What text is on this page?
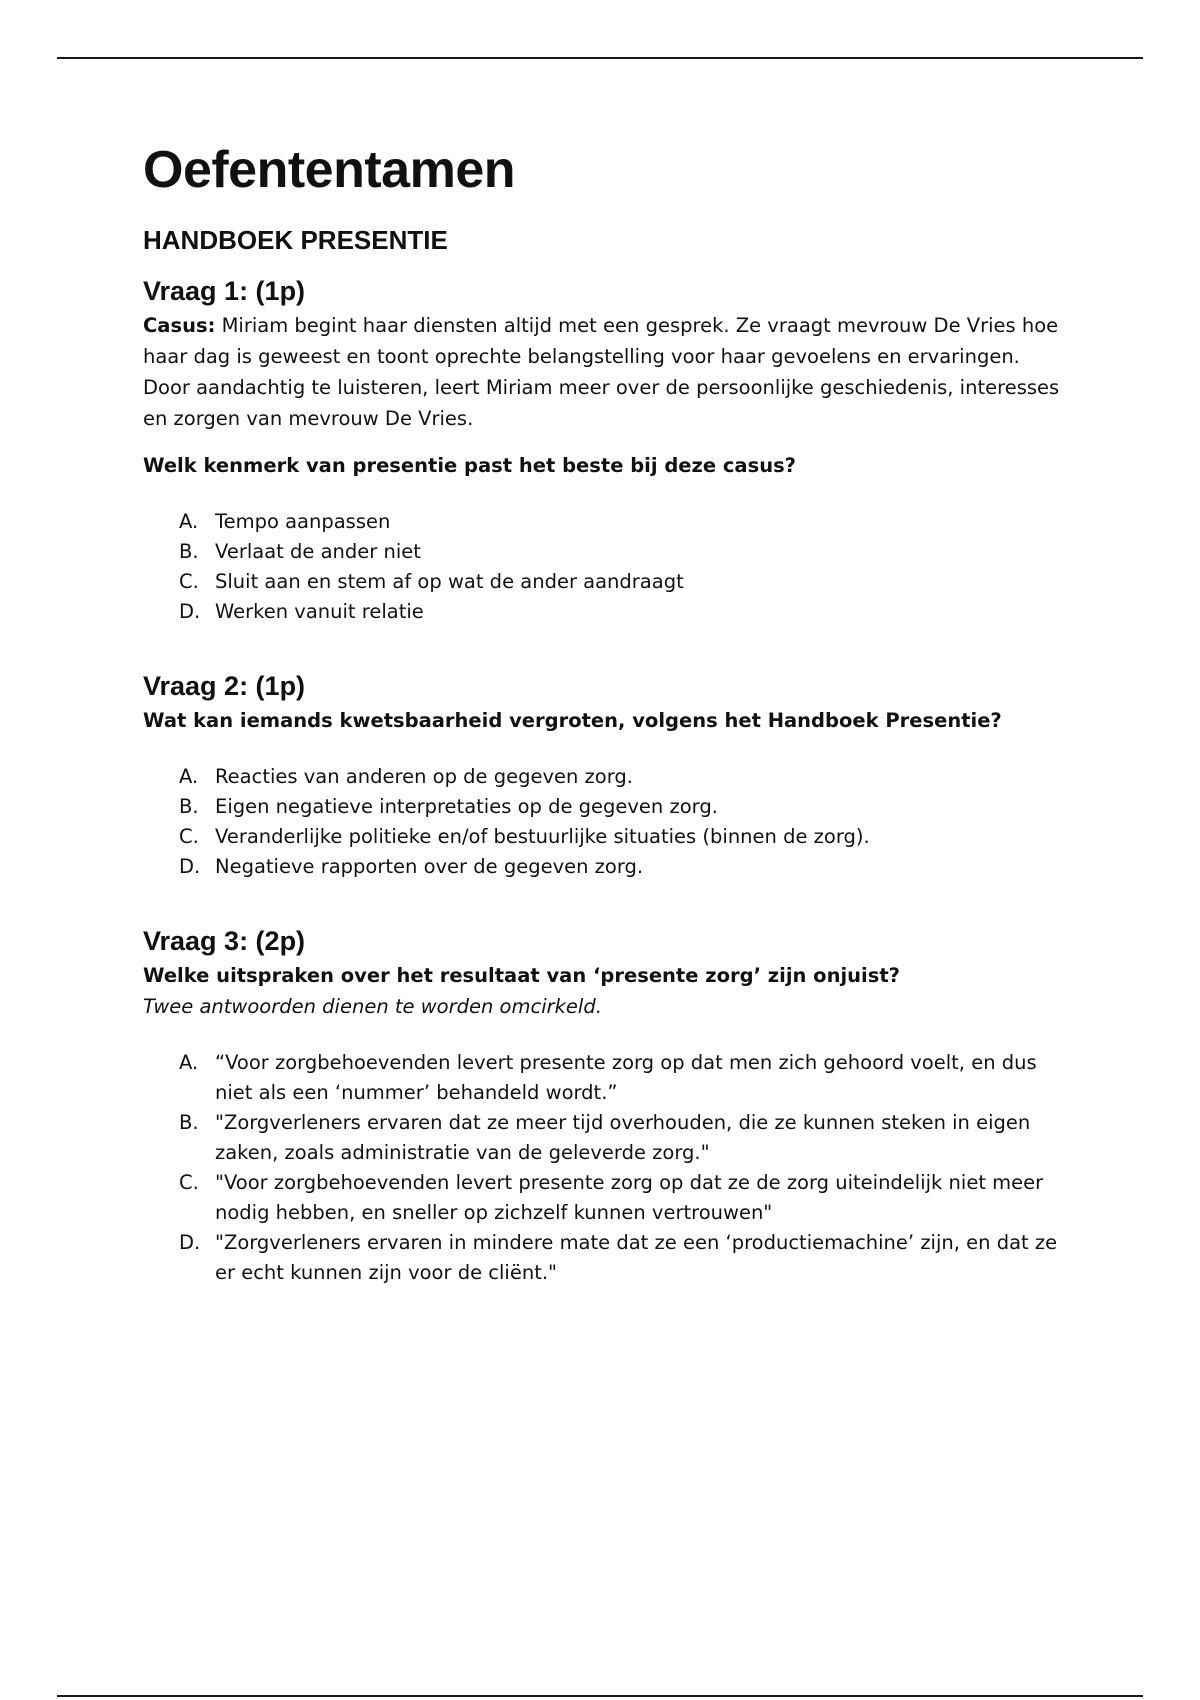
Oefententamen
HANDBOEK PRESENTIE
Vraag 1: (1p)

Casus: Miriam begint haar diensten altijd met een gesprek. Ze vraagt mevrouw De Vries hoe haar dag is geweest en toont oprechte belangstelling voor haar gevoelens en ervaringen. Door aandachtig te luisteren, leert Miriam meer over de persoonlijke geschiedenis, interesses en zorgen van mevrouw De Vries.

Welk kenmerk van presentie past het beste bij deze casus?

A. Tempo aanpassen
B. Verlaat de ander niet
C. Sluit aan en stem af op wat de ander aandraagt
D. Werken vanuit relatie
Vraag 2: (1p)

Wat kan iemands kwetsbaarheid vergroten, volgens het Handboek Presentie?

A. Reacties van anderen op de gegeven zorg.
B. Eigen negatieve interpretaties op de gegeven zorg.
C. Veranderlijke politieke en/of bestuurlijke situaties (binnen de zorg).
D. Negatieve rapporten over de gegeven zorg.
Vraag 3: (2p)

Welke uitspraken over het resultaat van ‘presente zorg’ zijn onjuist?

Twee antwoorden dienen te worden omcirkeld.

A. “Voor zorgbehoevenden levert presente zorg op dat men zich gehoord voelt, en dus niet als een ‘nummer’ behandeld wordt.”
B. "Zorgverleners ervaren dat ze meer tijd overhouden, die ze kunnen steken in eigen zaken, zoals administratie van de geleverde zorg."
C. "Voor zorgbehoevenden levert presente zorg op dat ze de zorg uiteindelijk niet meer nodig hebben, en sneller op zichzelf kunnen vertrouwen"
D. "Zorgverleners ervaren in mindere mate dat ze een ‘productiemachine’ zijn, en dat ze er echt kunnen zijn voor de cliënt."
